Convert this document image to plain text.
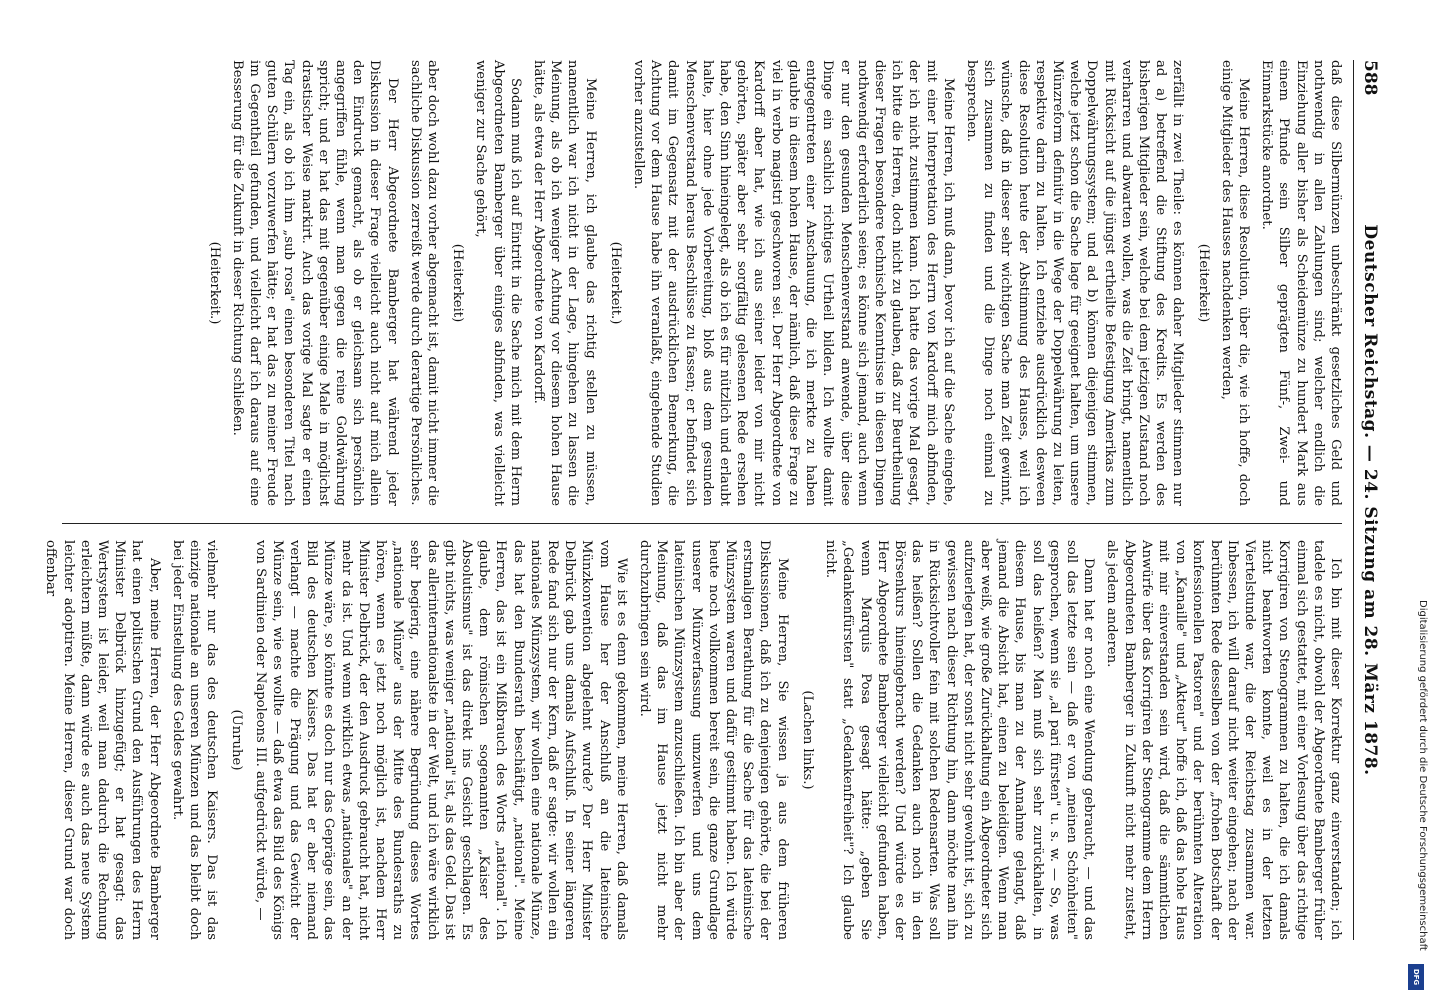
588
Deutscher Reichstag. — 24. Sitzung am 28. März 1878.

daß diese Silbermünzen unbeschränkt gesetzliches Geld und nothwendig in allen Zahlungen sind; welcher endlich die Einziehung aller bisher als Scheidemünze zu hundert Mark aus einem Pfunde sein Silber geprägten Fünf-, Zwei- und Einmarkstücke anordnet.

Meine Herren, diese Resolution, über die, wie ich hoffe, doch einige Mitglieder des Hauses nachdenken werden,

(Heiterkeit)

zerfällt in zwei Theile: es können daher Mitglieder stimmen nur ad a) betreffend die Stiftung des Kredits. Es werden des bisherigen Mitglieder sein, welche bei dem jetzigen Zustand noch verharren und abwarten wollen, was die Zeit bringt, namentlich mit Rücksicht auf die jüngst ertheilte Befestigung Amerikas zum Doppelwährungssystem; und ad b) können diejenigen stimmen, welche jetzt schon die Sache lage für geeignet halten, um unsere Münzreform definitiv in die Wege der Doppelwährung zu leiten, respektive darin zu halten. Ich entziehe ausdrücklich desween diese Resolution heute der Abstimmung des Hauses, weil ich wünsche, daß in dieser sehr wichtigen Sache man Zeit gewinnt, sich zusammen zu finden und die Dinge noch einmal zu besprechen.

Meine Herren, ich muß dann, bevor ich auf die Sache eingehe, mit einer Interpretation des Herrn von Kardorff mich abfinden, der ich nicht zustimmen kann. Ich hatte das vorige Mal gesagt, ich bitte die Herren, doch nicht zu glauben, daß zur Beurtheilung dieser Fragen besondere technische Kenntnisse in diesen Dingen nothwendig erforderlich seien; es könne sich jemand, auch wenn er nur den gesunden Menschenverstand anwende, über diese Dinge ein sachlich richtiges Urtheil bilden. Ich wollte damit entgegentreten einer Anschauung, die ich merkte zu haben glaubte in diesem hohen Hause, der nämlich, daß diese Frage zu viel in verbo magistri geschworen sei. Der Herr Abgeordnete von Kardorff aber hat, wie ich aus seiner leider von mir nicht gehörten, später aber sehr sorgfältig gelesenen Rede ersehen habe, den Sinn hineingelegt, als ob ich es für nützlich und erlaubt halte, hier ohne jede Vorbereitung, bloß aus dem gesunden Menschenverstand heraus Beschlüsse zu fassen; er befindet sich damit im Gegensatz mit der ausdrücklichen Bemerkung, die Achtung vor dem Hause habe ihn veranlaßt, eingehende Studien vorher anzustellen.

(Heiterkeit.)

Meine Herren, ich glaube das richtig stellen zu müssen, namentlich war ich nicht in der Lage, hingehen zu lassen die Meinung, als ob ich weniger Achtung vor diesem hohen Hause hätte, als etwa der Herr Abgeordnete von Kardorff.

Sodann muß ich auf Eintritt in die Sache mich mit dem Herrn Abgeordneten Bamberger über einiges abfinden, was vielleicht weniger zur Sache gehört,

(Heiterkeit)

aber doch wohl dazu vorher abgemacht ist, damit nicht immer die sachliche Diskussion zerreißt werde durch derartige Persönliches.

Der Herr Abgeordnete Bamberger hat während jeder Diskussion in dieser Frage vielleicht auch nicht auf mich allein den Eindruck gemacht, als ob er gleichsam sich persönlich angegriffen fühle, wenn man gegen die reine Goldwährung spricht; und er hat das mit gegenüber einige Male in möglichst drastischer Weise markirt. Auch das vorige Mal sagte er einen Tag ein, als ob ich ihm „sub rosa" einen besonderen Titel nach guten Schülern vorzuwerfen hätte; er hat das zu meiner Freude im Gegentheil gefunden, und vielleicht darf ich daraus auf eine Besserung für die Zukunft in dieser Richtung schließen.

(Heiterkeit.)

Ich bin mit dieser Korrektur ganz einverstanden; ich tadele es nicht, obwohl der Abgeordnete Bamberger früher einmal sich gestattet, mit einer Vorlesung über das richtige Korrigiren von Stenogrammen zu halten, die ich damals nicht beantworten konnte, weil es in der letzten Viertelstunde war, die der Reichstag zusammen war. Inbessen, ich will darauf nicht weiter eingehen; nach der berühmten Rede desselben von der „frohen Botschaft der konfessionellen Pastoren" und der berühmten Alteration von „Kanaille" und „Akteur" hoffe ich, daß das hohe Haus mit mir einverstanden sein wird, daß die sämmtlichen Anwürfe über das Korrigiren der Stenogramme dem Herrn Abgeordneten Bamberger in Zukunft nicht mehr zusteht, als jedem anderen.

Dann hat er noch eine Wendung gebraucht, — und das soll das letzte sein — daß er von „meinen Schönheiten" gesprochen, wenn sie „al pari fürsten" u. s. w. — So, was soll das heißen? Man muß sich sehr zurückhalten, in diesem Hause, bis man zu der Annahme gelangt, daß jemand die Absicht hat, einen zu beleidigen. Wenn man aber weiß, wie große Zurückhaltung ein Abgeordneter sich aufzuerlegen hat, der sonst nicht sehr gewohnt ist, sich zu gewissen nach dieser Richtung hin, dann möchte man ihn in Rücksichtvoller fein mit solchen Redensarten. Was soll das heißen? Sollen die Gedanken auch noch in den Börsenkurs hineingebracht werden? Und würde es der Herr Abgeordnete Bamberger vielleicht gefunden haben, wenn Marquis Posa gesagt hätte: „geben Sie „Gedankenfürsten" statt „Gedankenfreiheit"? Ich glaube nicht.

(Lachen links.)

Meine Herren, Sie wissen ja aus dem früheren Diskussionen, daß ich zu denjenigen gehörte, die bei der erstmaligen Berathung für die Sache für das lateinische Münzsystem waren und dafür gestimmt haben. Ich würde heute noch vollkommen bereit sein, die ganze Grundlage unserer Münzverfassung umzuwerfen und uns dem lateinischen Münzsystem anzuschließen. Ich bin aber der Meinung, daß das im Hause jetzt nicht mehr durchzubringen sein wird.

Wie ist es denn gekommen, meine Herren, daß damals vom Hause her der Anschluß an die lateinische Münzkonvention abgelehnt wurde? Der Herr Minister Delbrück gab uns damals Aufschluß. In seiner längeren Rede fand sich nur der Kern, daß er sagte: wir wollen ein nationales Münzsystem, wir wollen eine nationale Münze, das hat den Bundesrath beschäftigt, „national". Meine Herren, das ist ein Mißbrauch des Worts „national". Ich glaube, dem römischen sogenannten „Kaiser des Absolutismus" ist das direkt ins Gesicht geschlagen. Es gibt nichts, was weniger „national" ist, als das Geld. Das ist das allerinternationalste in der Welt, und ich wäre wirklich sehr begierig, eine nähere Begründung dieses Wortes „nationale Münze" aus der Mitte des Bundesraths zu hören, wenn es jetzt noch möglich ist, nachdem Herr Minister Delbrück, der den Ausdruck gebraucht hat, nicht mehr da ist. Und wenn wirklich etwas „nationales" an der Münze wäre, so könnte es doch nur das Gepräge sein, das Bild des deutschen Kaisers. Das hat er aber niemand verlangt — machte die Prägung und das Gewicht der Münze sein, wie es wollte — daß etwa das Bild des Königs von Sardinien oder Napoleons III. aufgedrückt würde, —

(Unruhe)

vielmehr nur das des deutschen Kaisers. Das ist das einzige nationale an unseren Münzen und das bleibt doch bei jeder Einstellung des Geldes gewahrt.

Aber, meine Herren, der Herr Abgeordnete Bamberger hat einen politischen Grund den Ausführungen des Herrn Minister Delbrück hinzugefügt; er hat gesagt: das Wertsystem ist leider, weil man dadurch die Rechnung erleichtern müßte, dann würde es auch das neue System leichter adoptiren. Meine Herren, dieser Grund war doch offenbar

Digitalisierung gefördert durch die Deutsche Forschungsgemeinschaft
DFG
